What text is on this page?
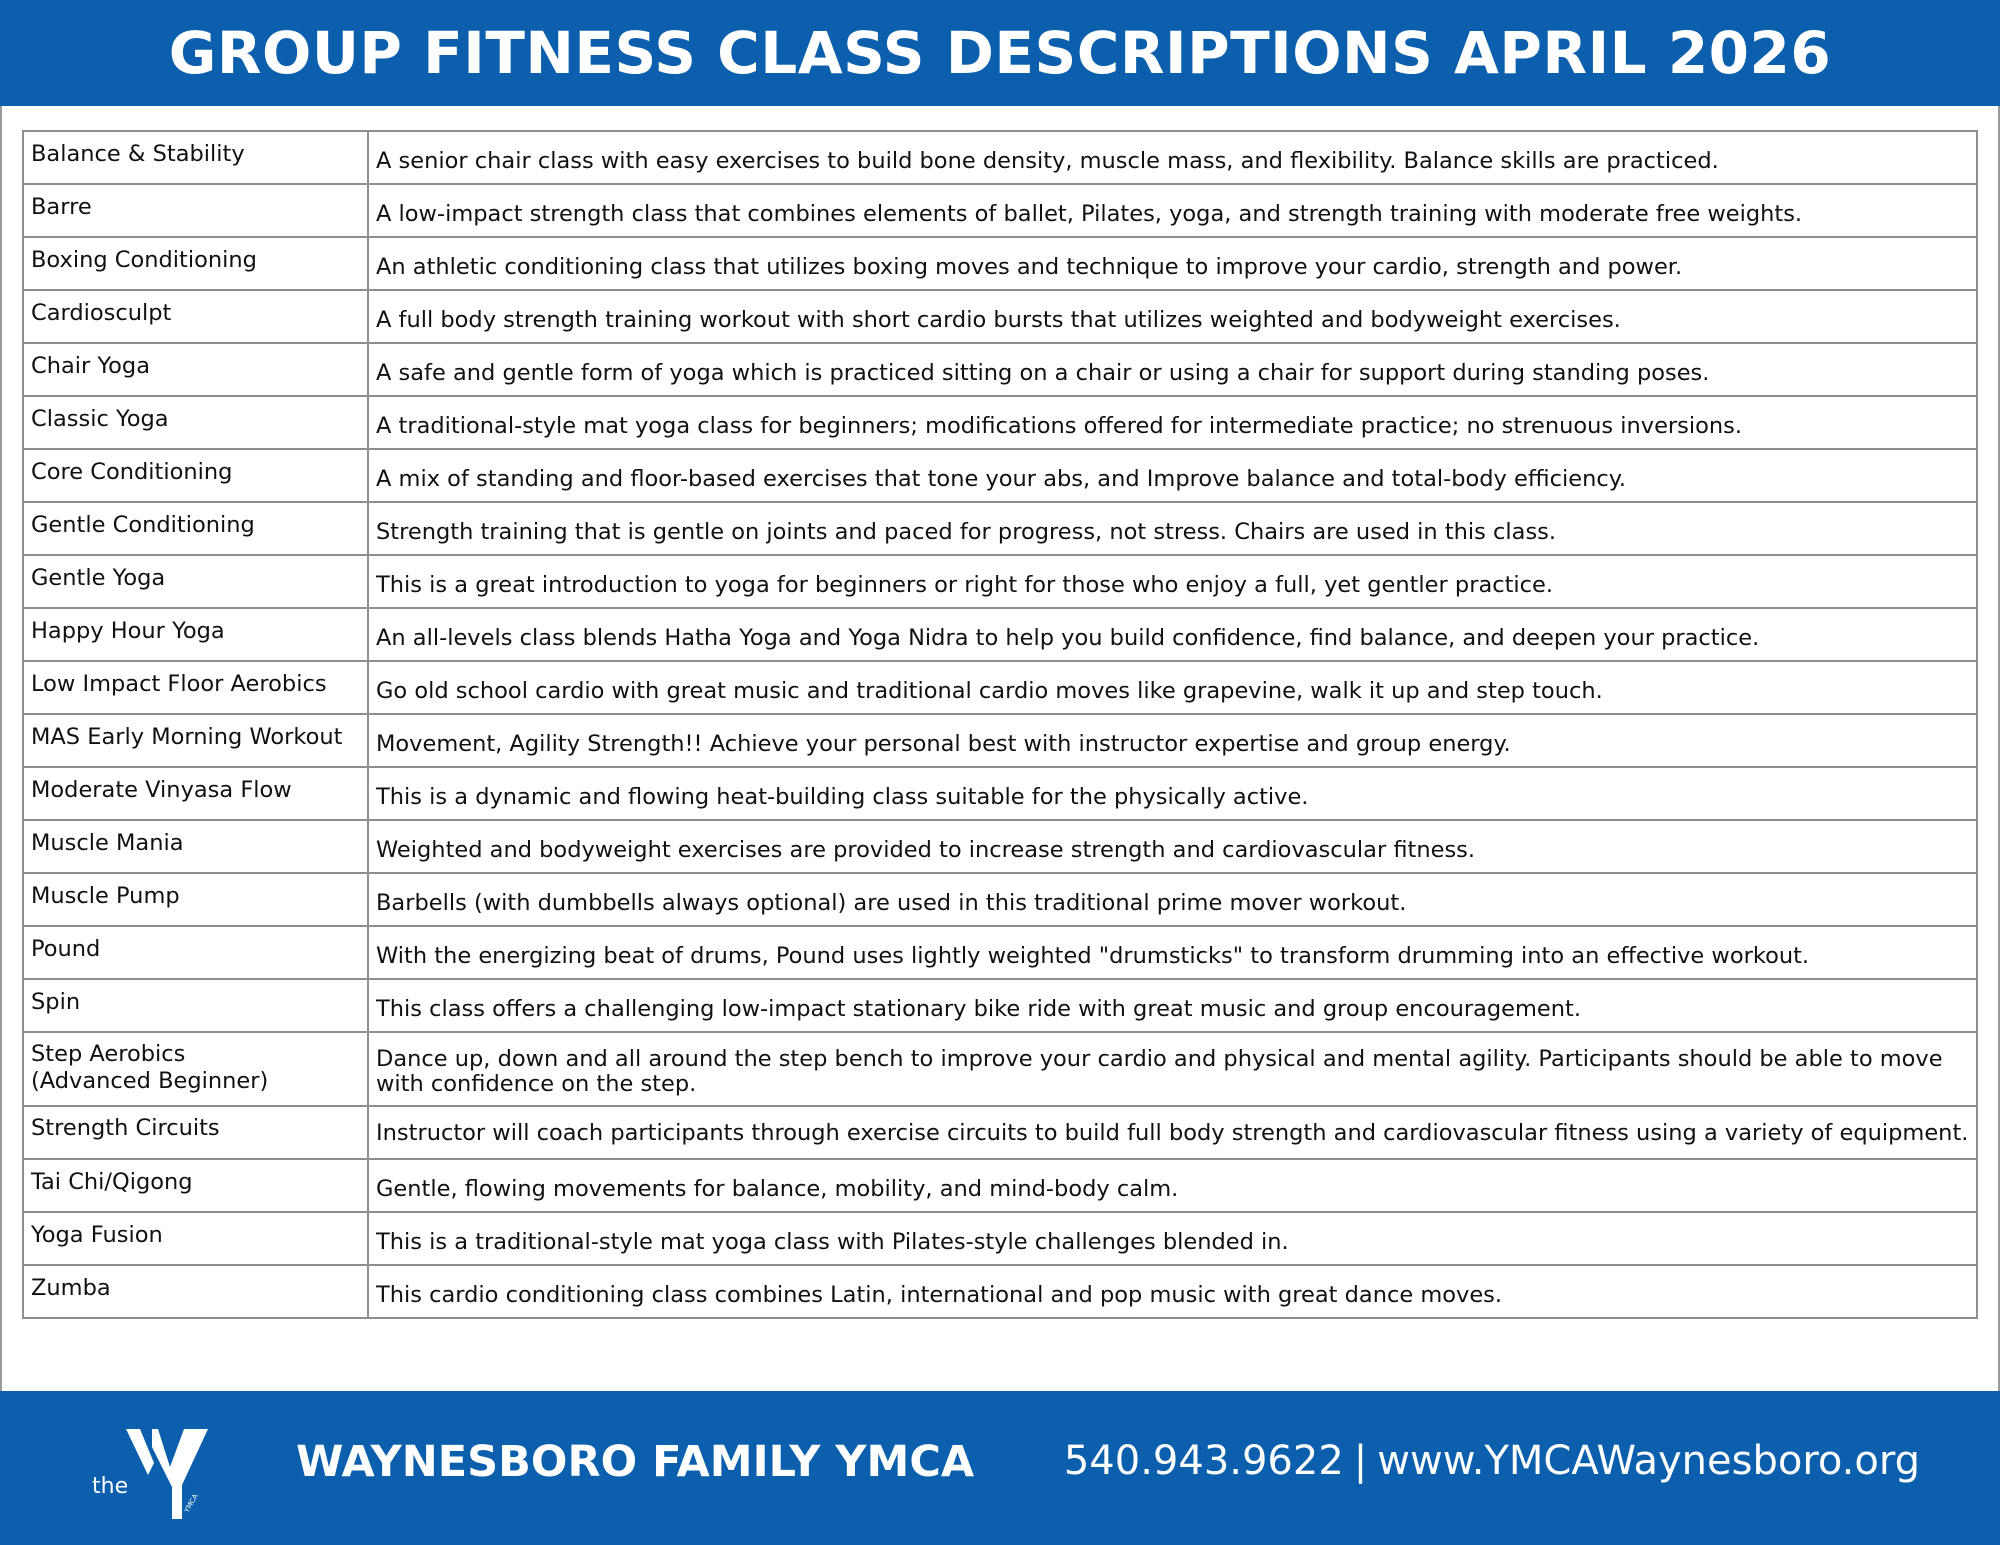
GROUP FITNESS CLASS DESCRIPTIONS APRIL 2026
Balance & Stability	A senior chair class with easy exercises to build bone density, muscle mass, and flexibility. Balance skills are practiced.

Barre	A low-impact strength class that combines elements of ballet, Pilates, yoga, and strength training with moderate free weights.

Boxing Conditioning	An athletic conditioning class that utilizes boxing moves and technique to improve your cardio, strength and power.

Cardiosculpt	A full body strength training workout with short cardio bursts that utilizes weighted and bodyweight exercises.

Chair Yoga	A safe and gentle form of yoga which is practiced sitting on a chair or using a chair for support during standing poses.

Classic Yoga	A traditional-style mat yoga class for beginners; modifications offered for intermediate practice; no strenuous inversions.

Core Conditioning	A mix of standing and floor-based exercises that tone your abs, and Improve balance and total-body efficiency.

Gentle Conditioning	Strength training that is gentle on joints and paced for progress, not stress. Chairs are used in this class.

Gentle Yoga	This is a great introduction to yoga for beginners or right for those who enjoy a full, yet gentler practice.

Happy Hour Yoga	An all-levels class blends Hatha Yoga and Yoga Nidra to help you build confidence, find balance, and deepen your practice.

Low Impact Floor Aerobics	Go old school cardio with great music and traditional cardio moves like grapevine, walk it up and step touch.

MAS Early Morning Workout	Movement, Agility Strength!! Achieve your personal best with instructor expertise and group energy.

Moderate Vinyasa Flow	This is a dynamic and flowing heat-building class suitable for the physically active.

Muscle Mania	Weighted and bodyweight exercises are provided to increase strength and cardiovascular fitness.

Muscle Pump	Barbells (with dumbbells always optional) are used in this traditional prime mover workout.

Pound	With the energizing beat of drums, Pound uses lightly weighted "drumsticks" to transform drumming into an effective workout.

Spin	This class offers a challenging low-impact stationary bike ride with great music and group encouragement.

Step Aerobics
(Advanced Beginner)	Dance up, down and all around the step bench to improve your cardio and physical and mental agility. Participants should be able to move with confidence on the step.

Strength Circuits	Instructor will coach participants through exercise circuits to build full body strength and cardiovascular fitness using a variety of equipment.

Tai Chi/Qigong	Gentle, flowing movements for balance, mobility, and mind-body calm.

Yoga Fusion	This is a traditional-style mat yoga class with Pilates-style challenges blended in.

Zumba	This cardio conditioning class combines Latin, international and pop music with great dance moves.
the
YMCA
WAYNESBORO FAMILY YMCA 540.943.9622 | www.YMCAWaynesboro.org
